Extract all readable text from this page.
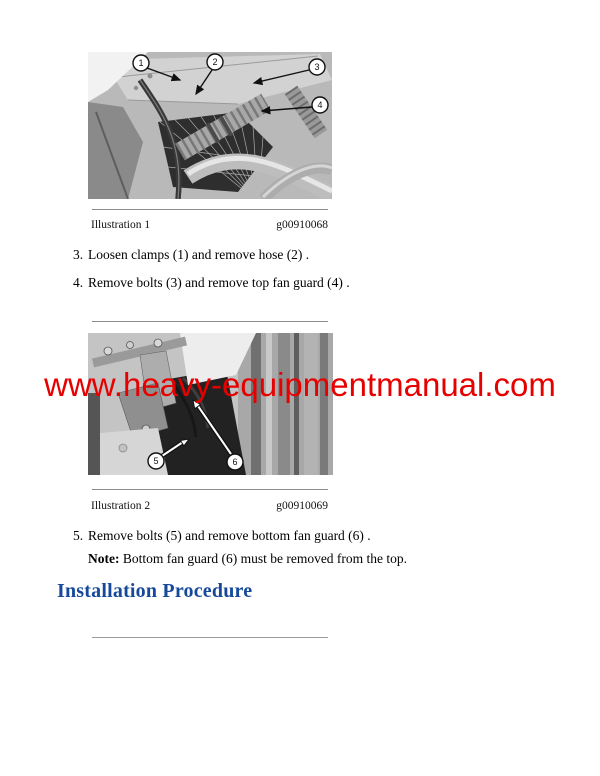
1	2	3
4
Illustration 1	g00910068
3. Loosen clamps (1) and remove hose (2) .
4. Remove bolts (3) and remove top fan guard (4) .
5	6
Illustration 2	g00910069
5. Remove bolts (5) and remove bottom fan guard (6) .
Note: Bottom fan guard (6) must be removed from the top.
Installation Procedure
www.heavy-equipmentmanual.com
